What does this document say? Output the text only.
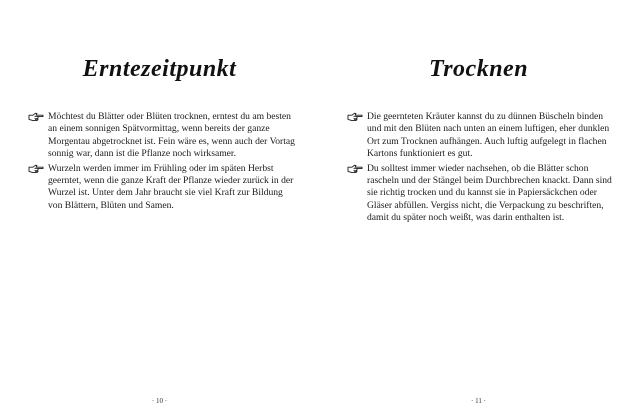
Erntezeitpunkt

Möchtest du Blätter oder Blüten trocknen, erntest du am besten an einem sonnigen Spätvormittag, wenn bereits der ganze Morgentau abgetrocknet ist. Fein wäre es, wenn auch der Vortag sonnig war, dann ist die Pflanze noch wirksamer.

Wurzeln werden immer im Frühling oder im späten Herbst geerntet, wenn die ganze Kraft der Pflanze wieder zurück in der Wurzel ist. Unter dem Jahr braucht sie viel Kraft zur Bildung von Blättern, Blüten und Samen.

· 10 ·

Trocknen

Die geernteten Kräuter kannst du zu dünnen Büscheln binden und mit den Blüten nach unten an einem luftigen, eher dunklen Ort zum Trocknen aufhängen. Auch luftig aufgelegt in flachen Kartons funktioniert es gut.

Du solltest immer wieder nachsehen, ob die Blätter schon rascheln und der Stängel beim Durchbrechen knackt. Dann sind sie richtig trocken und du kannst sie in Papiersäckchen oder Gläser abfüllen. Vergiss nicht, die Verpackung zu beschriften, damit du später noch weißt, was darin enthalten ist.

· 11 ·
